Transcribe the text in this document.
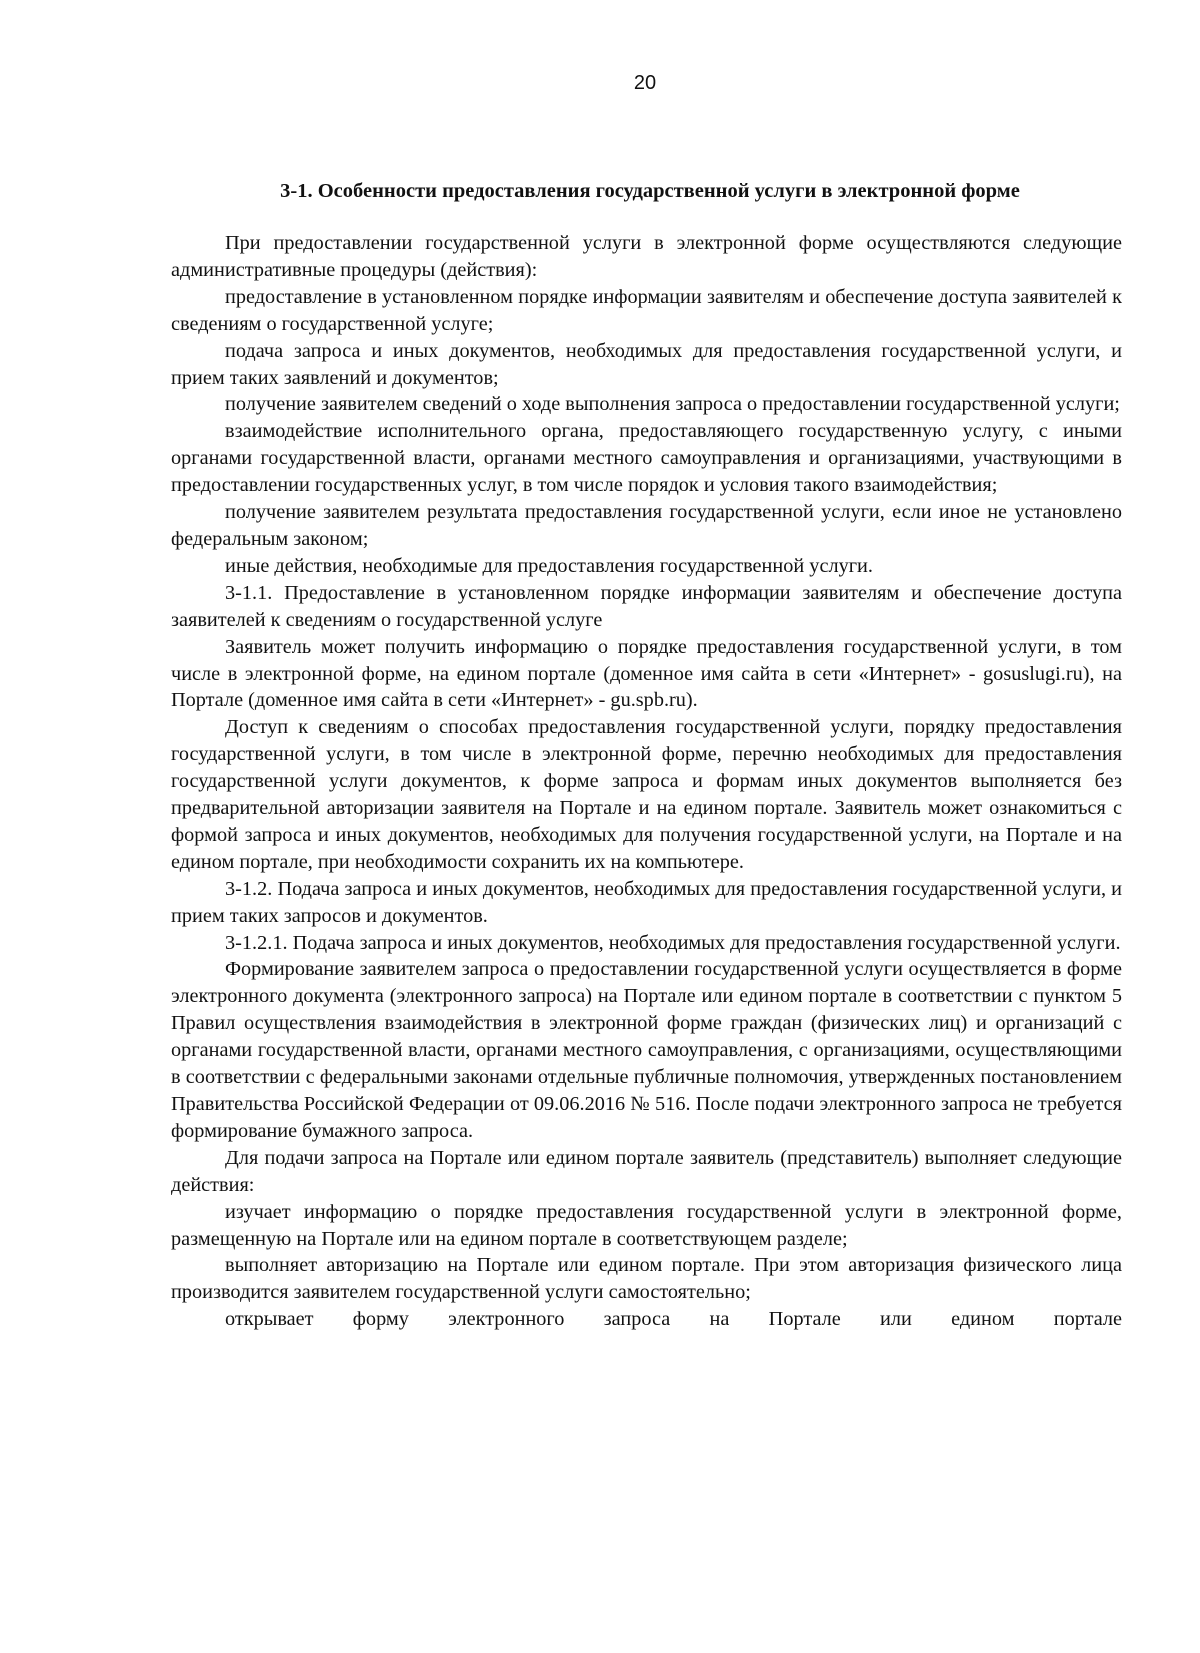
20
3-1. Особенности предоставления государственной услуги в электронной форме

При предоставлении государственной услуги в электронной форме осуществляются следующие административные процедуры (действия):

предоставление в установленном порядке информации заявителям и обеспечение доступа заявителей к сведениям о государственной услуге;

подача запроса и иных документов, необходимых для предоставления государственной услуги, и прием таких заявлений и документов;

получение заявителем сведений о ходе выполнения запроса о предоставлении государственной услуги;

взаимодействие исполнительного органа, предоставляющего государственную услугу, с иными органами государственной власти, органами местного самоуправления и организациями, участвующими в предоставлении государственных услуг, в том числе порядок и условия такого взаимодействия;

получение заявителем результата предоставления государственной услуги, если иное не установлено федеральным законом;

иные действия, необходимые для предоставления государственной услуги.

3-1.1. Предоставление в установленном порядке информации заявителям и обеспечение доступа заявителей к сведениям о государственной услуге

Заявитель может получить информацию о порядке предоставления государственной услуги, в том числе в электронной форме, на едином портале (доменное имя сайта в сети «Интернет» - gosuslugi.ru), на Портале (доменное имя сайта в сети «Интернет» - gu.spb.ru).

Доступ к сведениям о способах предоставления государственной услуги, порядку предоставления государственной услуги, в том числе в электронной форме, перечню необходимых для предоставления государственной услуги документов, к форме запроса и формам иных документов выполняется без предварительной авторизации заявителя на Портале и на едином портале. Заявитель может ознакомиться с формой запроса и иных документов, необходимых для получения государственной услуги, на Портале и на едином портале, при необходимости сохранить их на компьютере.

3-1.2. Подача запроса и иных документов, необходимых для предоставления государственной услуги, и прием таких запросов и документов.

3-1.2.1. Подача запроса и иных документов, необходимых для предоставления государственной услуги.

Формирование заявителем запроса о предоставлении государственной услуги осуществляется в форме электронного документа (электронного запроса) на Портале или едином портале в соответствии с пунктом 5 Правил осуществления взаимодействия в электронной форме граждан (физических лиц) и организаций с органами государственной власти, органами местного самоуправления, с организациями, осуществляющими в соответствии с федеральными законами отдельные публичные полномочия, утвержденных постановлением Правительства Российской Федерации от 09.06.2016 № 516. После подачи электронного запроса не требуется формирование бумажного запроса.

Для подачи запроса на Портале или едином портале заявитель (представитель) выполняет следующие действия:

изучает информацию о порядке предоставления государственной услуги в электронной форме, размещенную на Портале или на едином портале в соответствующем разделе;

выполняет авторизацию на Портале или едином портале. При этом авторизация физического лица производится заявителем государственной услуги самостоятельно;

открывает форму электронного запроса на Портале или едином портале
